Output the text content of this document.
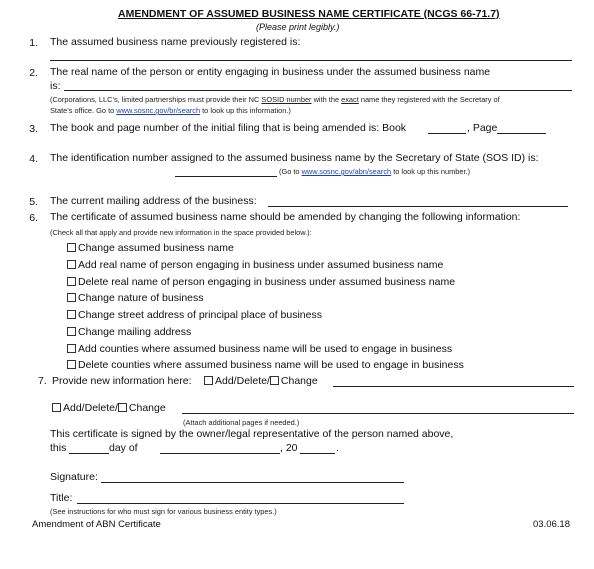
AMENDMENT OF ASSUMED BUSINESS NAME CERTIFICATE (NCGS 66-71.7)
(Please print legibly.)
1. The assumed business name previously registered is:
2. The real name of the person or entity engaging in business under the assumed business name
is:
(Corporations, LLC’s, limited partnerships must provide their NC SOSID number with the exact name they registered with the Secretary of
State’s office. Go to www.sosnc.gov/br/search to look up this information.)
3. The book and page number of the initial filing that is being amended is: Book	, Page
4. The identification number assigned to the assumed business name by the Secretary of State (SOS ID) is:
(Go to www.sosnc.gov/abn/search to look up this number.)
5. The current mailing address of the business:
6. The certificate of assumed business name should be amended by changing the following information:
(Check all that apply and provide new information in the space provided below.):
Change assumed business name
Add real name of person engaging in business under assumed business name
Delete real name of person engaging in business under assumed business name
Change nature of business
Change street address of principal place of business
Change mailing address
Add counties where assumed business name will be used to engage in business
Delete counties where assumed business name will be used to engage in business
7. Provide new information here:	Add/Delete/ Change
Add/Delete/ Change
(Attach additional pages if needed.)
This certificate is signed by the owner/legal representative of the person named above,
this	day of	, 20	.
Signature:
Title:
(See instructions for who must sign for various business entity types.)
Amendment of ABN Certificate	03.06.18
